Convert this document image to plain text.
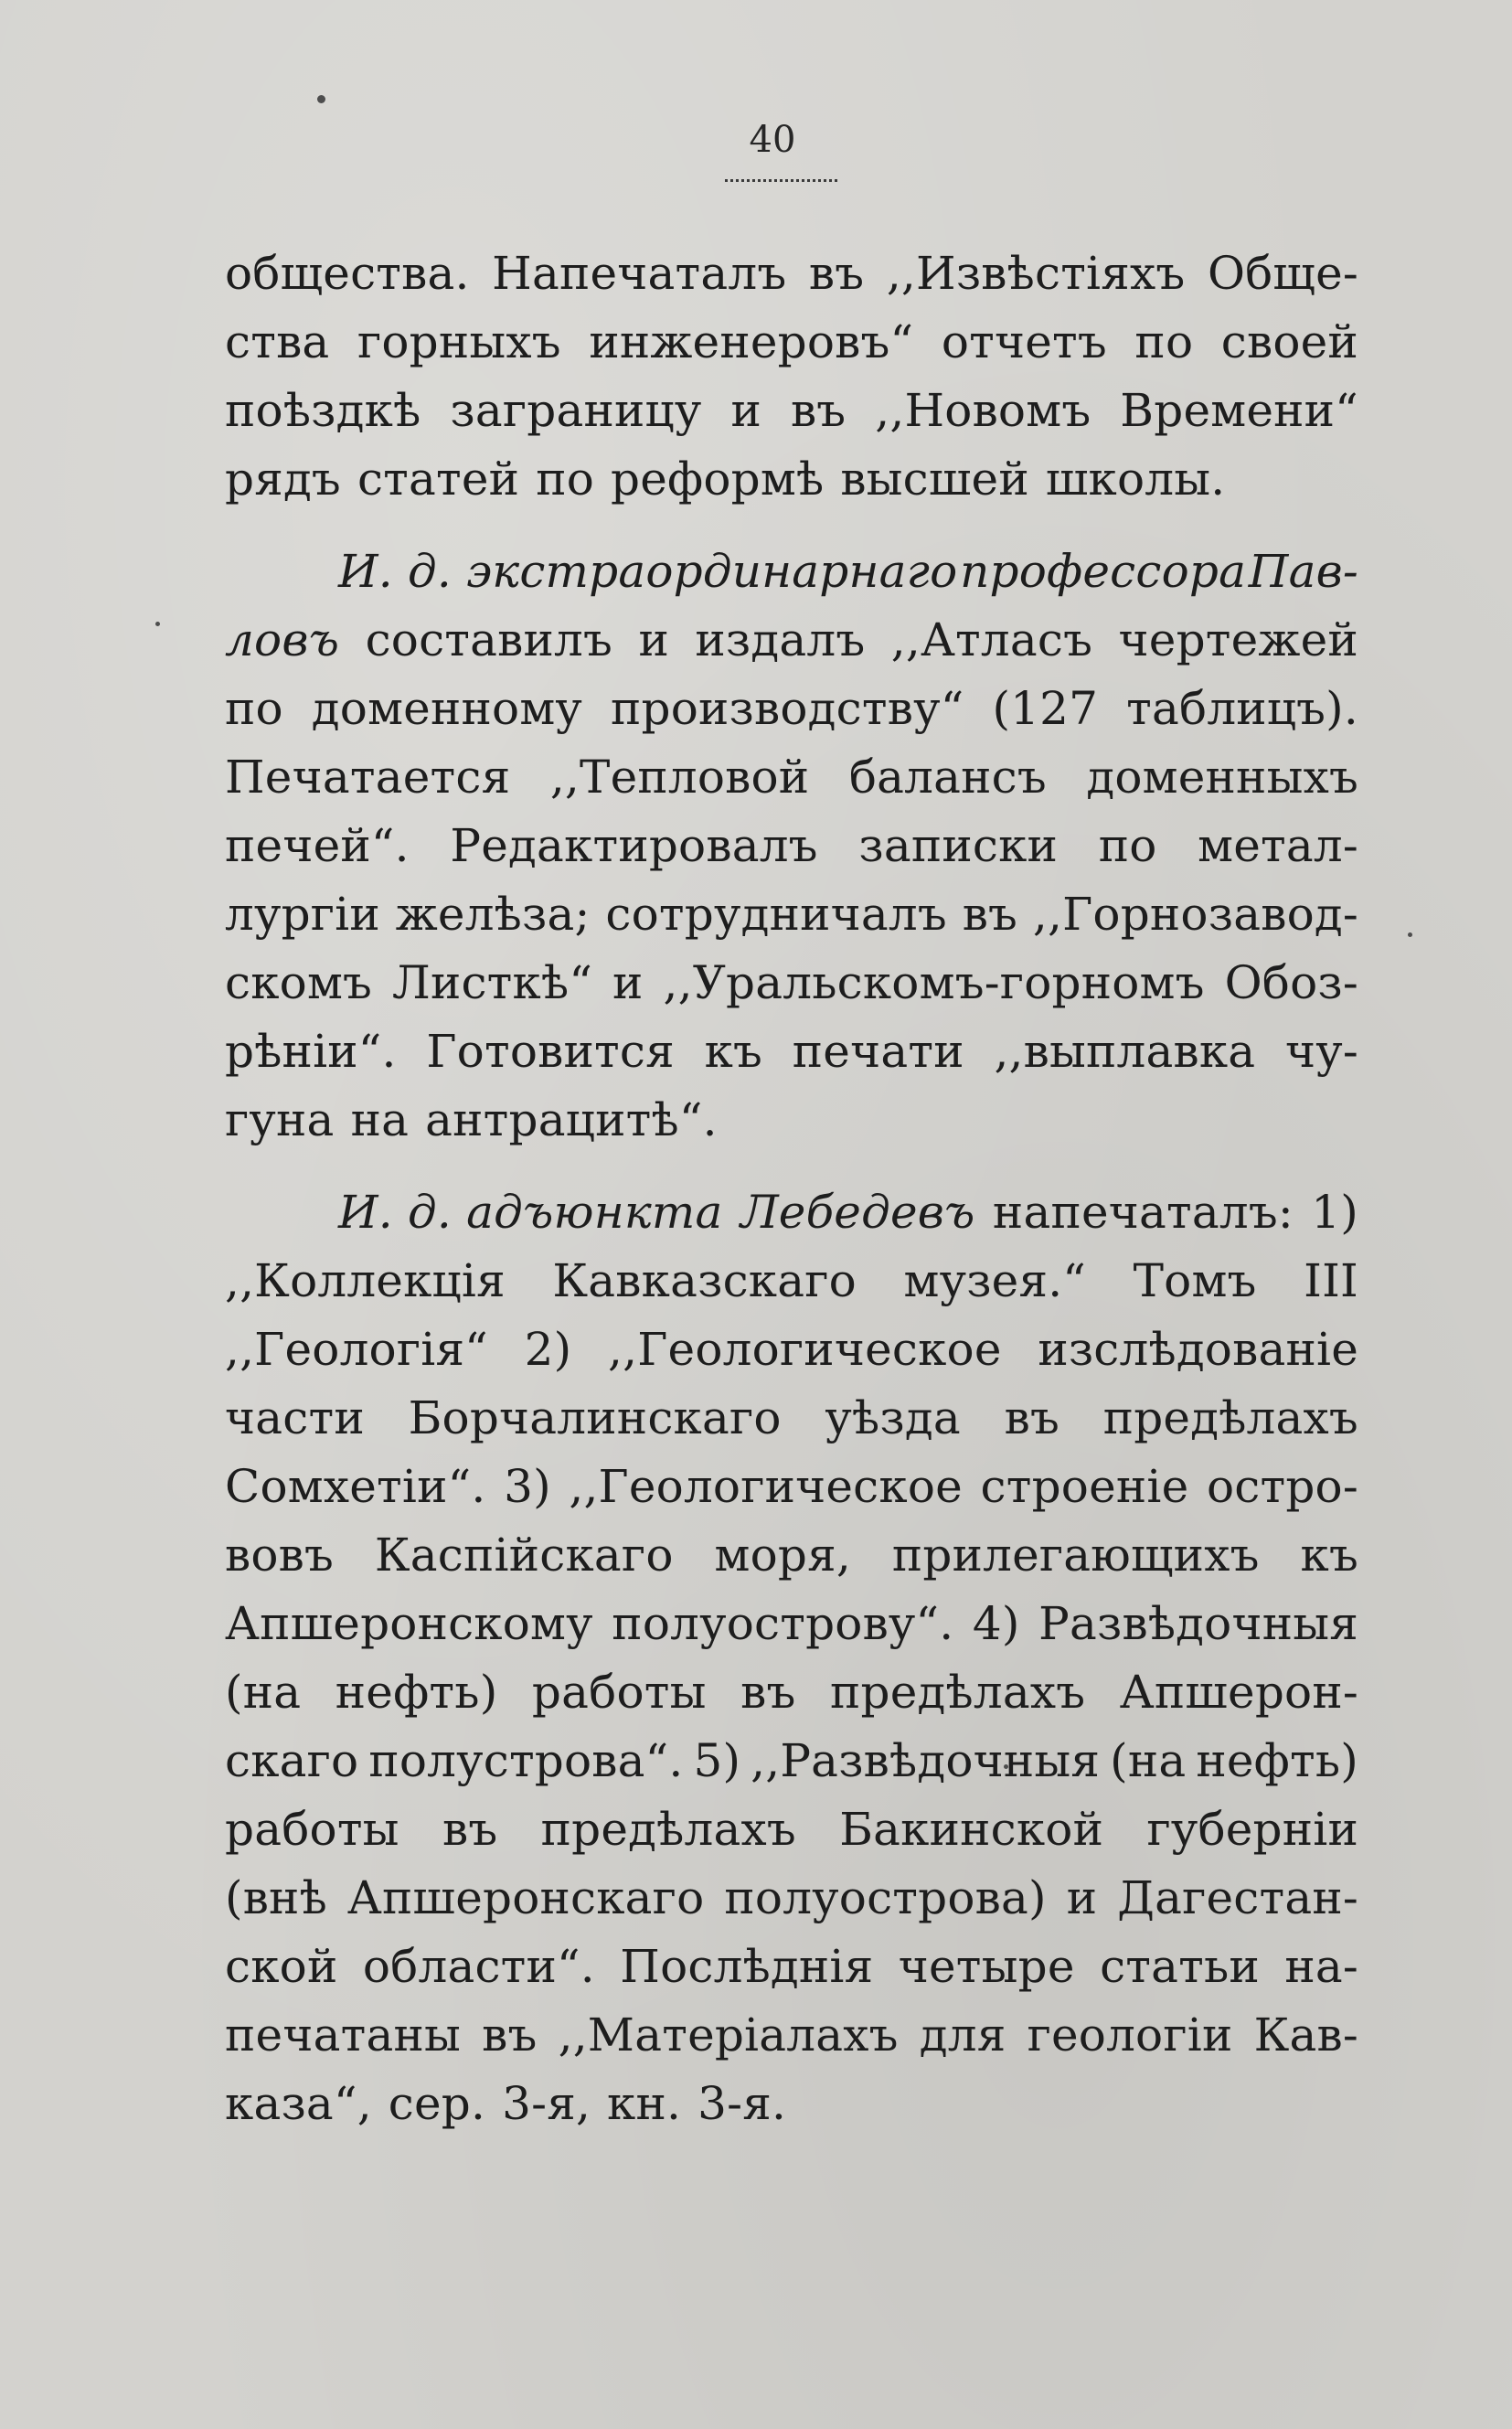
40
общества. Напечаталъ въ ,,Извѣстіяхъ Обще-
ства горныхъ инженеровъ“ отчетъ по своей
поѣздкѣ заграницу и въ ,,Новомъ Времени“
рядъ статей по реформѣ высшей школы.
И. д. экстраординарнаго профессора Пав-
ловъ составилъ и издалъ ,,Атласъ чертежей
по доменному производству“ (127 таблицъ).
Печатается ,,Тепловой балансъ доменныхъ
печей“. Редактировалъ записки по метал-
лургіи желѣза; сотрудничалъ въ ,,Горнозавод-
скомъ Листкѣ“ и ,,Уральскомъ-горномъ Обоз-
рѣніи“. Готовится къ печати ,,выплавка чу-
гуна на антрацитѣ“.
И. д. адъюнкта Лебедевъ напечаталъ: 1)
,,Коллекція Кавказскаго музея.“ Томъ III
,,Геологія“ 2) ,,Геологическое изслѣдованіе
части Борчалинскаго уѣзда въ предѣлахъ
Сомхетіи“. 3) ,,Геологическое строеніе остро-
вовъ Каспійскаго моря, прилегающихъ къ
Апшеронскому полуострову“. 4) Развѣдочныя
(на нефть) работы въ предѣлахъ Апшерон-
скаго полустрова“. 5) ,,Развѣдочныя (на нефть)
работы въ предѣлахъ Бакинской губерніи
(внѣ Апшеронскаго полуострова) и Дагестан-
ской области“. Послѣднія четыре статьи на-
печатаны въ ,,Матеріалахъ для геологіи Кав-
каза“, сер. 3-я, кн. 3-я.
